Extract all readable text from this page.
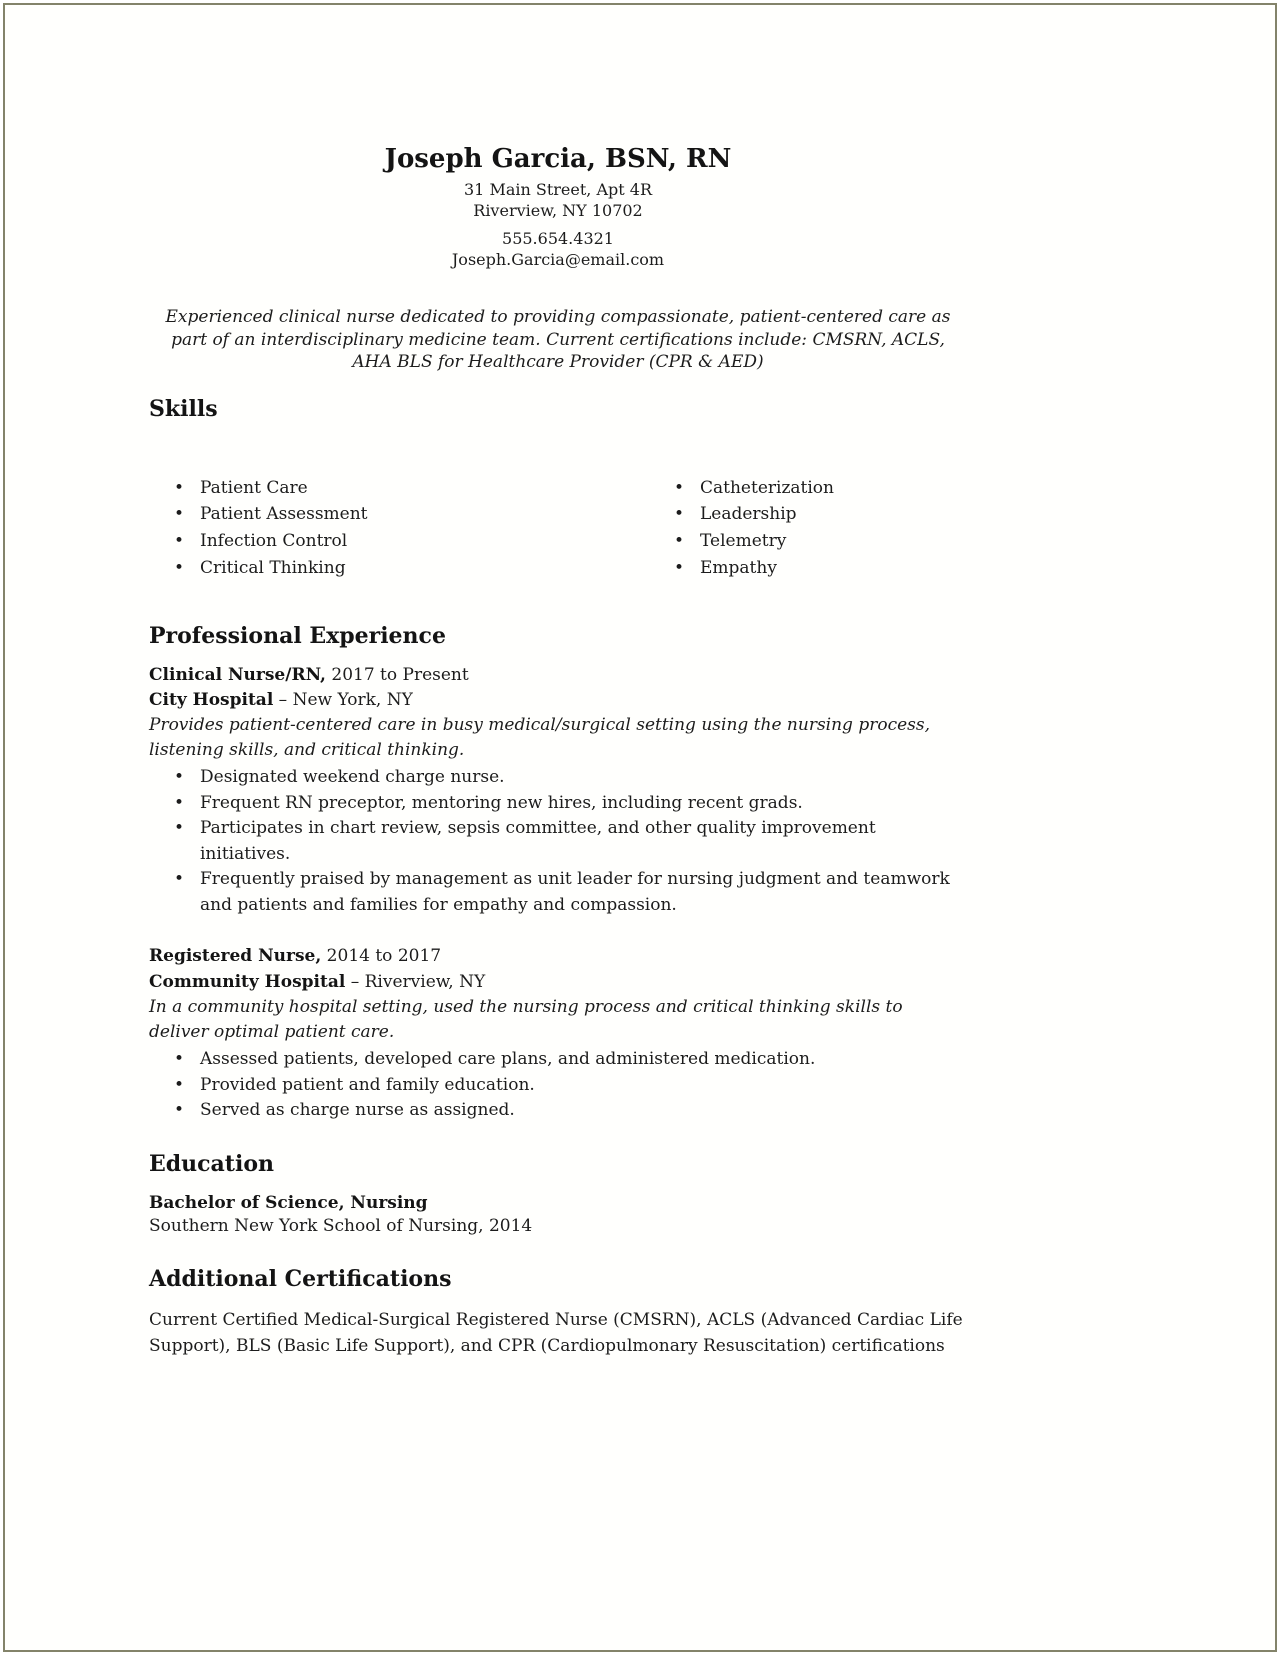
Joseph Garcia, BSN, RN
31 Main Street, Apt 4R
Riverview, NY 10702
555.654.4321
Joseph.Garcia@email.com
Experienced clinical nurse dedicated to providing compassionate, patient-centered care as part of an interdisciplinary medicine team. Current certifications include: CMSRN, ACLS, AHA BLS for Healthcare Provider (CPR & AED)
Skills
• Patient Care
• Patient Assessment
• Infection Control
• Critical Thinking
• Catheterization
• Leadership
• Telemetry
• Empathy
Professional Experience
Clinical Nurse/RN, 2017 to Present
City Hospital – New York, NY
Provides patient-centered care in busy medical/surgical setting using the nursing process, listening skills, and critical thinking.
• Designated weekend charge nurse.
• Frequent RN preceptor, mentoring new hires, including recent grads.
• Participates in chart review, sepsis committee, and other quality improvement initiatives.
• Frequently praised by management as unit leader for nursing judgment and teamwork and patients and families for empathy and compassion.
Registered Nurse, 2014 to 2017
Community Hospital – Riverview, NY
In a community hospital setting, used the nursing process and critical thinking skills to deliver optimal patient care.
• Assessed patients, developed care plans, and administered medication.
• Provided patient and family education.
• Served as charge nurse as assigned.
Education
Bachelor of Science, Nursing
Southern New York School of Nursing, 2014
Additional Certifications
Current Certified Medical-Surgical Registered Nurse (CMSRN), ACLS (Advanced Cardiac Life Support), BLS (Basic Life Support), and CPR (Cardiopulmonary Resuscitation) certifications
